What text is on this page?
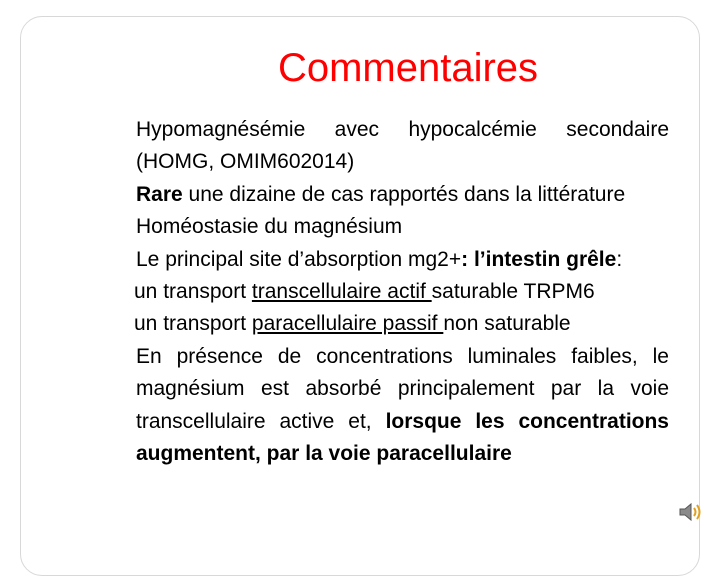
Commentaires

Hypomagnésémie avec hypocalcémie secondaire (HOMG, OMIM602014)

Rare une dizaine de cas rapportés dans la littérature

Homéostasie du magnésium

Le principal site d’absorption mg2+: l’intestin grêle:

un transport transcellulaire actif saturable TRPM6

un transport paracellulaire passif non saturable

En présence de concentrations luminales faibles, le magnésium est absorbé principalement par la voie transcellulaire active et, lorsque les concentrations augmentent, par la voie paracellulaire
